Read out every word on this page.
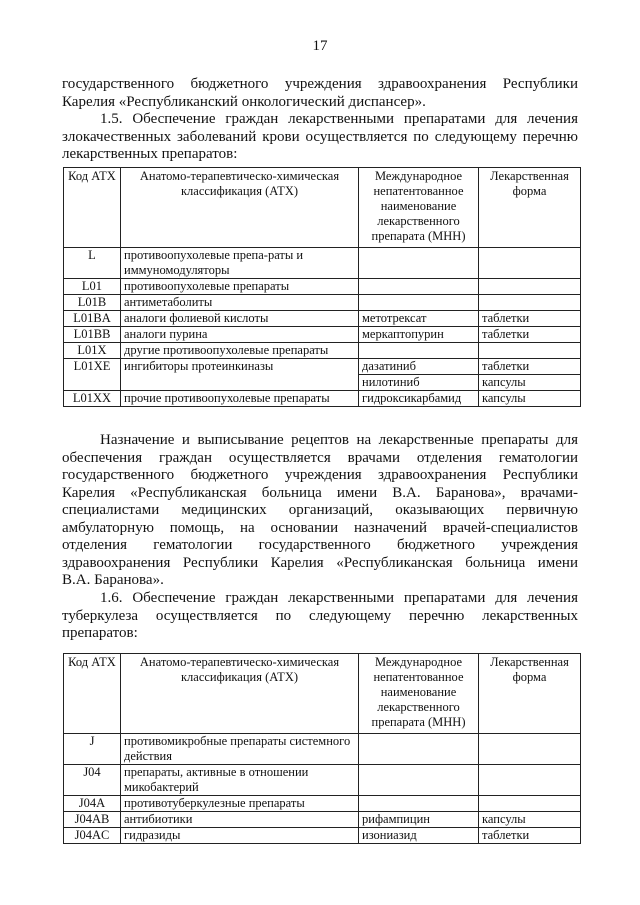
17
государственного бюджетного учреждения здравоохранения Республики
Карелия «Республиканский онкологический диспансер».
1.5. Обеспечение граждан лекарственными препаратами для лечения
злокачественных заболеваний крови осуществляется по следующему перечню
лекарственных препаратов:
Код АТХ	Анатомо-терапевтическо-химическая классификация (АТХ)	Международное непатентованное наименование лекарственного препарата (МНН)	Лекарственная форма
L	противоопухолевые препа-раты и иммуномодуляторы		
L01	противоопухолевые препараты		
L01B	антиметаболиты		
L01BA	аналоги фолиевой кислоты	метотрексат	таблетки
L01BB	аналоги пурина	меркаптопурин	таблетки
L01X	другие противоопухолевые препараты		
L01XE	ингибиторы протеинкиназы	дазатиниб	таблетки
		нилотиниб	капсулы
L01XX	прочие противоопухолевые препараты	гидроксикарбамид	капсулы
Назначение и выписывание рецептов на лекарственные препараты для
обеспечения граждан осуществляется врачами отделения гематологии
государственного бюджетного учреждения здравоохранения Республики
Карелия «Республиканская больница имени В.А. Баранова», врачами-
специалистами медицинских организаций, оказывающих первичную
амбулаторную помощь, на основании назначений врачей-специалистов
отделения гематологии государственного бюджетного учреждения
здравоохранения Республики Карелия «Республиканская больница имени
В.А. Баранова».
1.6. Обеспечение граждан лекарственными препаратами для лечения
туберкулеза осуществляется по следующему перечню лекарственных
препаратов:
Код АТХ	Анатомо-терапевтическо-химическая классификация (АТХ)	Международное непатентованное наименование лекарственного препарата (МНН)	Лекарственная форма
J	противомикробные препараты системного действия		
J04	препараты, активные в отношении микобактерий		
J04A	противотуберкулезные препараты		
J04AB	антибиотики	рифампицин	капсулы
J04AC	гидразиды	изониазид	таблетки
